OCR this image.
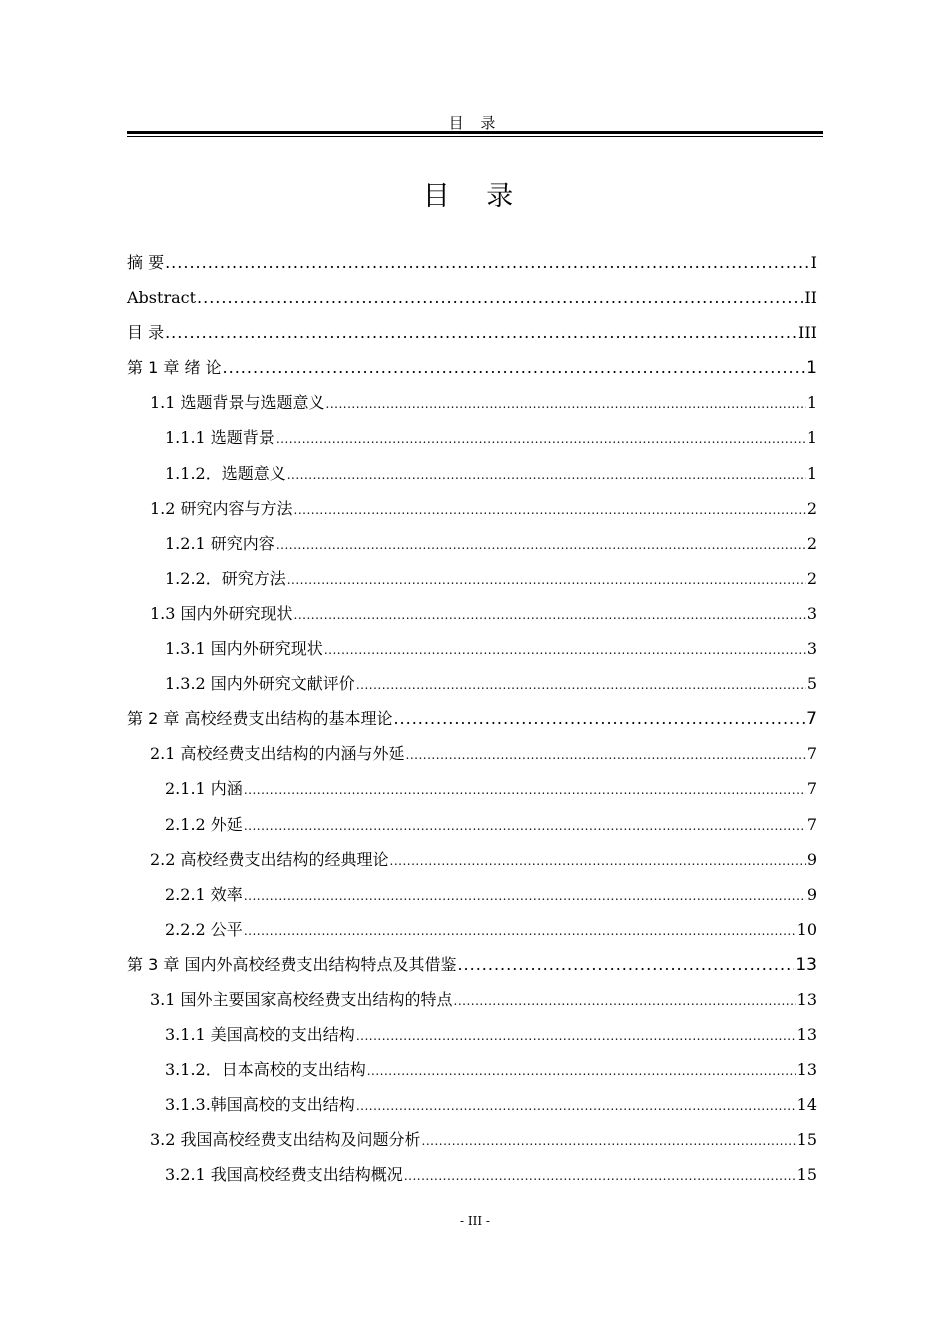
目 录
目 录
摘 要 .....	I
Abstract .....	II
目 录 .....	III
第 1 章 绪 论 .....	1
1.1 选题背景与选题意义 .....	1
1.1.1 选题背景 .....	1
1.1.2．选题意义 .....	1
1.2 研究内容与方法 .....	2
1.2.1 研究内容 .....	2
1.2.2．研究方法 .....	2
1.3 国内外研究现状 .....	3
1.3.1 国内外研究现状 .....	3
1.3.2 国内外研究文献评价 .....	5
第 2 章 高校经费支出结构的基本理论 .....	7
2.1 高校经费支出结构的内涵与外延 .....	7
2.1.1 内涵 .....	7
2.1.2 外延 .....	7
2.2 高校经费支出结构的经典理论 .....	9
2.2.1 效率 .....	9
2.2.2 公平 .....	10
第 3 章 国内外高校经费支出结构特点及其借鉴 .....	13
3.1 国外主要国家高校经费支出结构的特点 .....	13
3.1.1 美国高校的支出结构 .....	13
3.1.2．日本高校的支出结构 .....	13
3.1.3.韩国高校的支出结构 .....	14
3.2 我国高校经费支出结构及问题分析 .....	15
3.2.1 我国高校经费支出结构概况 .....	15
- III -
